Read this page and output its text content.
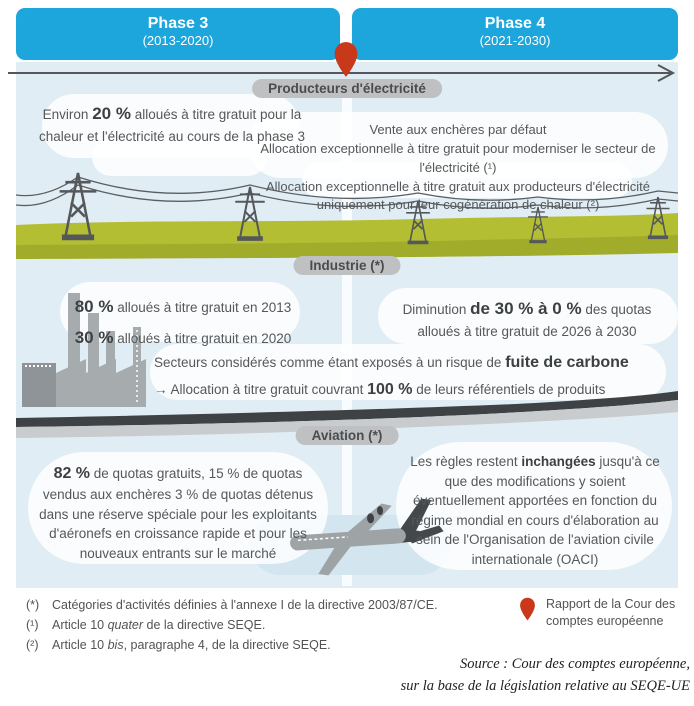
Phase 3
(2013-2020)
Phase 4
(2021-2030)
Producteurs d'électricité
Environ 20 % alloués à titre gratuit pour la chaleur et l'électricité au cours de la phase 3	Vente aux enchères par défaut
Allocation exceptionnelle à titre gratuit pour moderniser le secteur de l'électricité (¹)
Allocation exceptionnelle à titre gratuit aux producteurs d'électricité uniquement pour leur cogénération de chaleur (²)
Industrie (*)
80 % alloués à titre gratuit en 2013
30 % alloués à titre gratuit en 2020
Diminution de 30 % à 0 % des quotas alloués à titre gratuit de 2026 à 2030
Secteurs considérés comme étant exposés à un risque de fuite de carbone
→ Allocation à titre gratuit couvrant 100 % de leurs référentiels de produits
Aviation (*)
82 % de quotas gratuits, 15 % de quotas vendus aux enchères 3 % de quotas détenus dans une réserve spéciale pour les exploitants d'aéronefs en croissance rapide et pour les nouveaux entrants sur le marché
Les règles restent inchangées jusqu'à ce que des modifications y soient éventuellement apportées en fonction du régime mondial en cours d'élaboration au sein de l'Organisation de l'aviation civile internationale (OACI)
(*)	Catégories d'activités définies à l'annexe I de la directive 2003/87/CE.
(¹)	Article 10 quater de la directive SEQE.
(²)	Article 10 bis, paragraphe 4, de la directive SEQE.
Rapport de la Cour des comptes européenne
Source : Cour des comptes européenne,
sur la base de la législation relative au SEQE-UE
